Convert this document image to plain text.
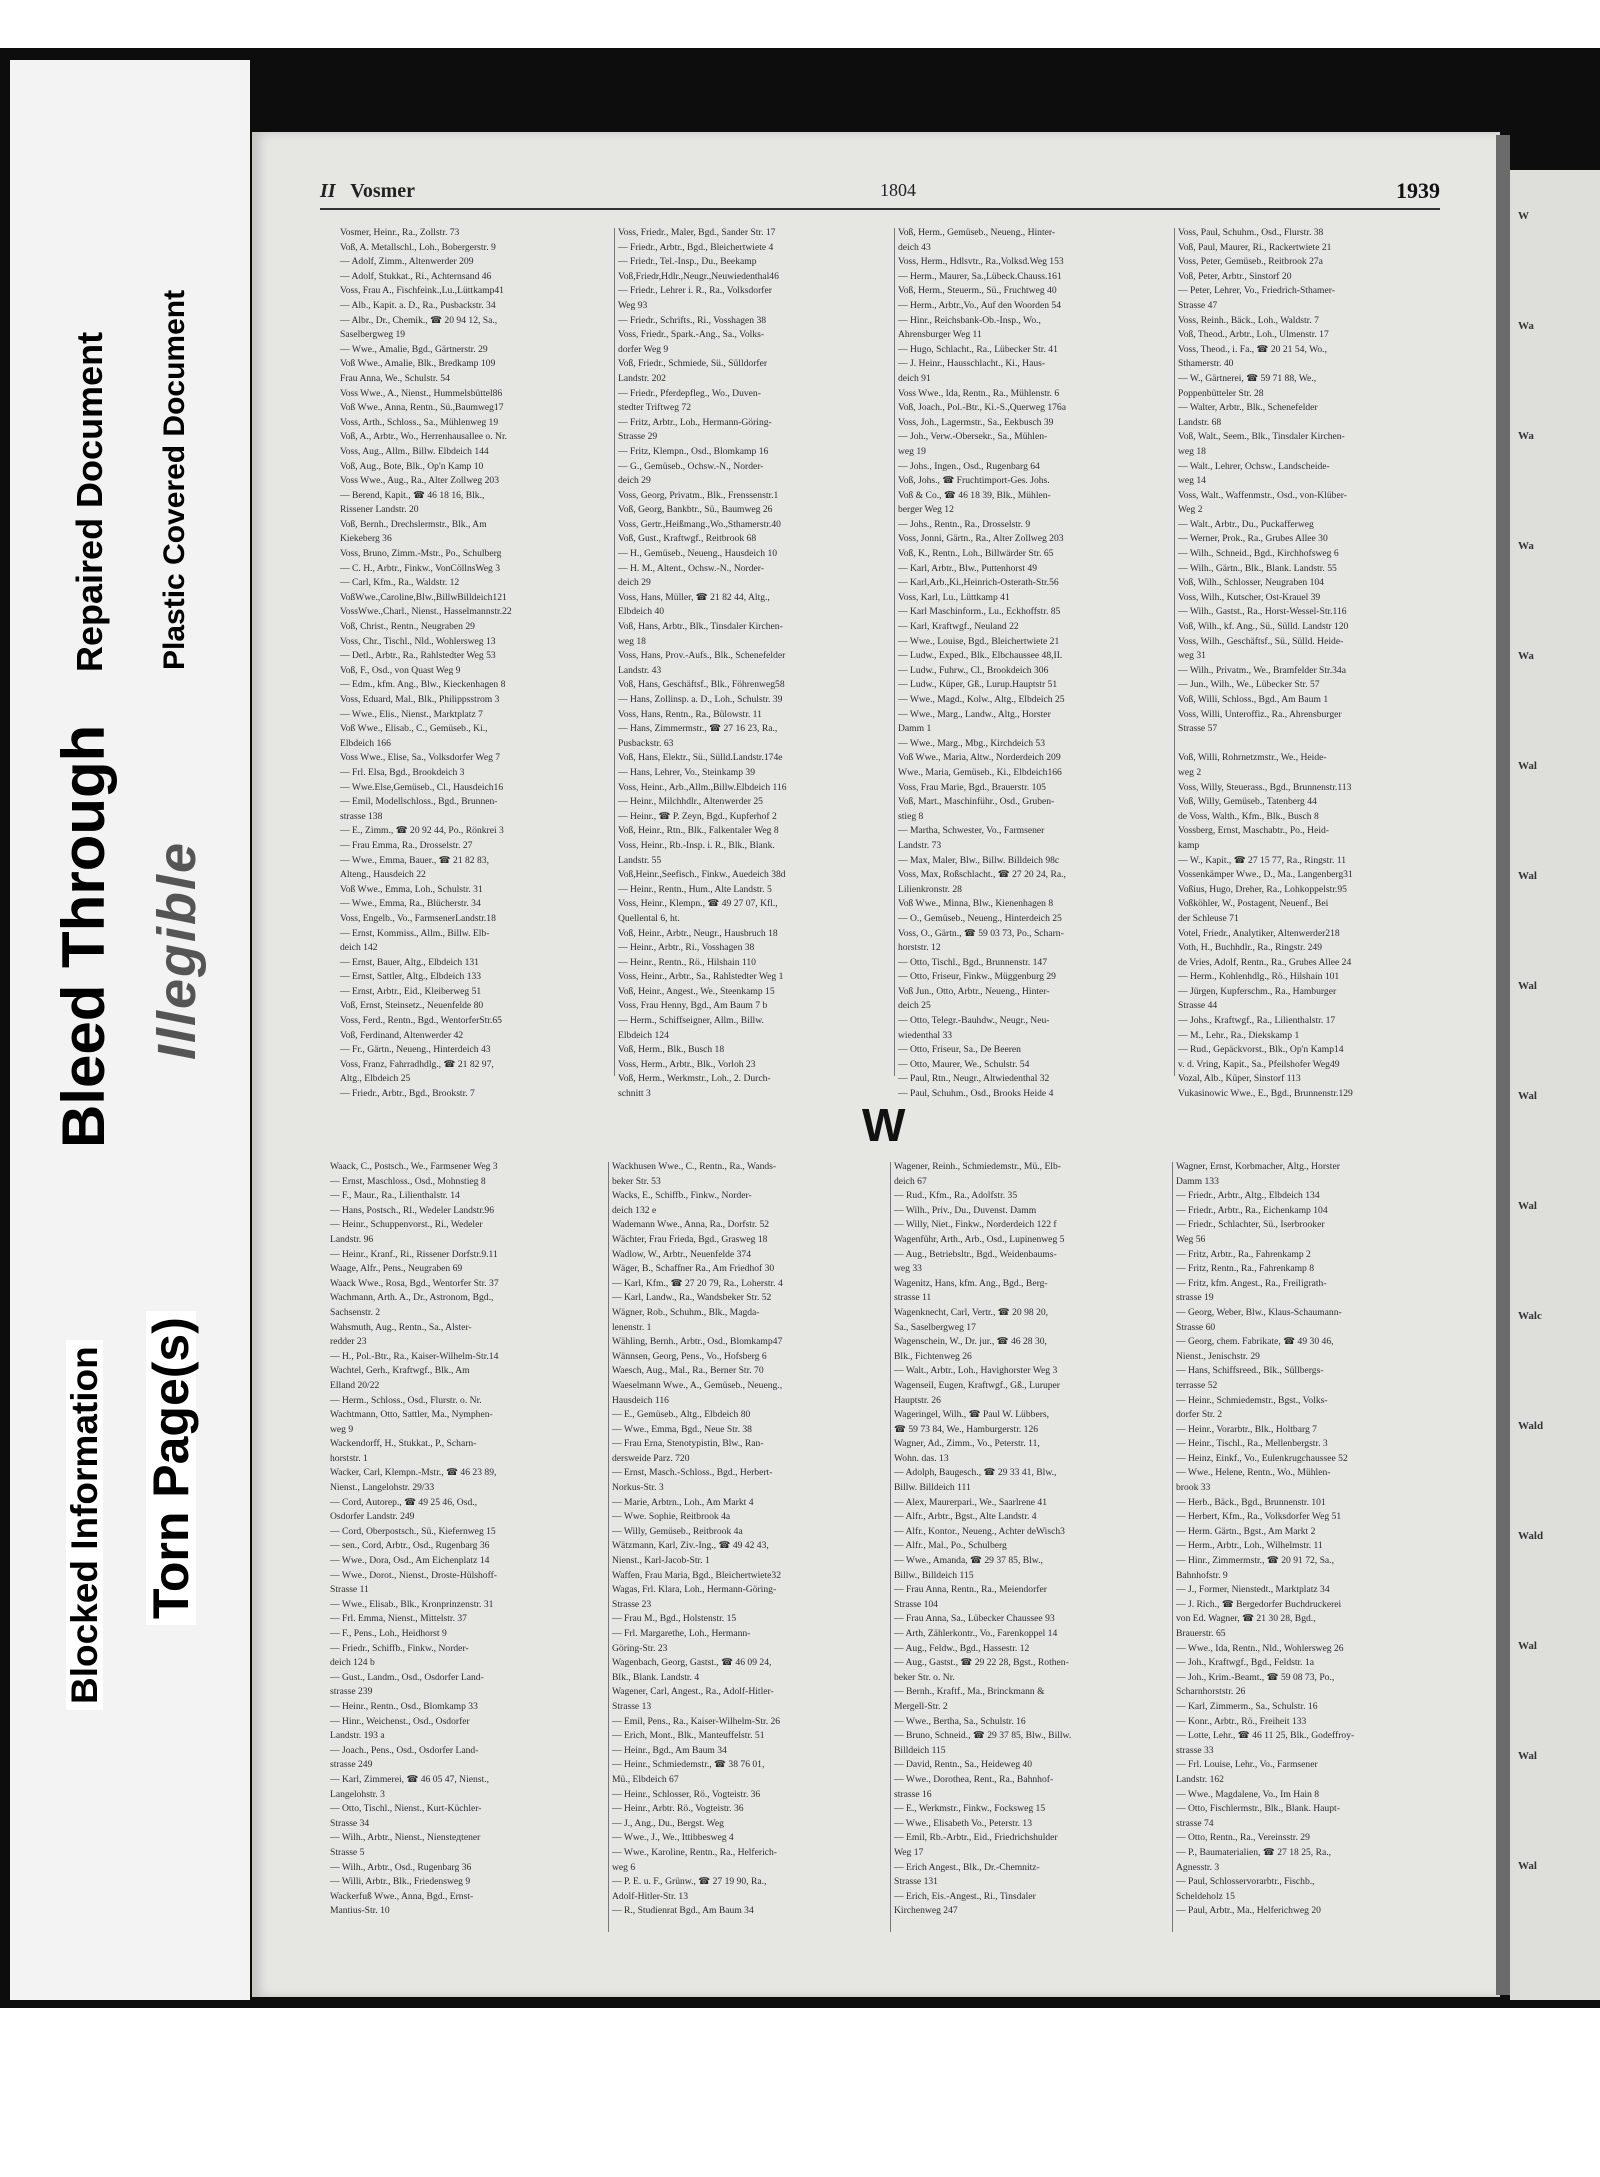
Repaired Document Plastic Covered Document
Bleed Through Illegible
Blocked Information Torn Page(s)
W
Wa
Wa
Wa
Wa
Wal
Wal
Wal
Wal
Wal
Walc
Wald
Wald
Wal
Wal
Wal
II Vosmer	1804	1939
Vosmer, Heinr., Ra., Zollstr. 73
Voß, A. Metallschl., Loh., Bobergerstr. 9
— Adolf, Zimm., Altenwerder 209
— Adolf, Stukkat., Ri., Achternsand 46
Voss, Frau A., Fischfeink.,Lu.,Lüttkamp41
— Alb., Kapit. a. D., Ra., Pusbackstr. 34
— Albr., Dr., Chemik., ☎ 20 94 12, Sa.,
Saselbergweg 19
— Wwe., Amalie, Bgd., Gärtnerstr. 29
Voß Wwe., Amalie, Blk., Bredkamp 109
Frau Anna, We., Schulstr. 54
Voss Wwe., A., Nienst., Hummelsbüttel86
Voß Wwe., Anna, Rentn., Sü.,Baumweg17
Voss, Arth., Schloss., Sa., Mühlenweg 19
Voß, A., Arbtr., Wo., Herrenhausallee o. Nr.
Voss, Aug., Allm., Billw. Elbdeich 144
Voß, Aug., Bote, Blk., Op'n Kamp 10
Voss Wwe., Aug., Ra., Alter Zollweg 203
— Berend, Kapit., ☎ 46 18 16, Blk.,
Rissener Landstr. 20
Voß, Bernh., Drechslermstr., Blk., Am
Kiekeberg 36
Voss, Bruno, Zimm.-Mstr., Po., Schulberg
— C. H., Arbtr., Finkw., VonCöllnsWeg 3
— Carl, Kfm., Ra., Waldstr. 12
VoßWwe.,Caroline,Blw.,BillwBilldeich121
VossWwe.,Charl., Nienst., Hasselmannstr.22
Voß, Christ., Rentn., Neugraben 29
Voss, Chr., Tischl., Nld., Wohlersweg 13
— Detl., Arbtr., Ra., Rahlstedter Weg 53
Voß, F., Osd., von Quast Weg 9
— Edm., kfm. Ang., Blw., Kieckenhagen 8
Voss, Eduard, Mal., Blk., Philippsstrom 3
— Wwe., Elis., Nienst., Marktplatz 7
Voß Wwe., Elisab., C., Gemüseb., Ki.,
Elbdeich 166
Voss Wwe., Elise, Sa., Volksdorfer Weg 7
— Frl. Elsa, Bgd., Brookdeich 3
— Wwe.Else,Gemüseb., Cl., Hausdeich16
— Emil, Modellschloss., Bgd., Brunnen-
strasse 138
— E., Zimm., ☎ 20 92 44, Po., Rönkrei 3
— Frau Emma, Ra., Drosselstr. 27
— Wwe., Emma, Bauer., ☎ 21 82 83,
Alteng., Hausdeich 22
Voß Wwe., Emma, Loh., Schulstr. 31
— Wwe., Emma, Ra., Blücherstr. 34
Voss, Engelb., Vo., FarmsenerLandstr.18
— Ernst, Kommiss., Allm., Billw. Elb-
deich 142
— Ernst, Bauer, Altg., Elbdeich 131
— Ernst, Sattler, Altg., Elbdeich 133
— Ernst, Arbtr., Eid., Kleiberweg 51
Voß, Ernst, Steinsetz., Neuenfelde 80
Voss, Ferd., Rentn., Bgd., WentorferStr.65
Voß, Ferdinand, Altenwerder 42
— Fr., Gärtn., Neueng., Hinterdeich 43
Voss, Franz, Fahrradhdlg., ☎ 21 82 97,
Altg., Elbdeich 25
— Friedr., Arbtr., Bgd., Brookstr. 7
Voss, Friedr., Maler, Bgd., Sander Str. 17
— Friedr., Arbtr., Bgd., Bleichertwiete 4
— Friedr., Tel.-Insp., Du., Beekamp
Voß,Friedr,Hdlr.,Neugr.,Neuwiedenthal46
— Friedr., Lehrer i. R., Ra., Volksdorfer
Weg 93
— Friedr., Schrifts., Ri., Vosshagen 38
Voss, Friedr., Spark.-Ang., Sa., Volks-
dorfer Weg 9
Voß, Friedr., Schmiede, Sü., Sülldorfer
Landstr. 202
— Friedr., Pferdepfleg., Wo., Duven-
stedter Triftweg 72
— Fritz, Arbtr., Loh., Hermann-Göring-
Strasse 29
— Fritz, Klempn., Osd., Blomkamp 16
— G., Gemüseb., Ochsw.-N., Norder-
deich 29
Voss, Georg, Privatm., Blk., Frenssenstr.1
Voß, Georg, Bankbtr., Sü., Baumweg 26
Voss, Gertr.,Heißmang.,Wo.,Sthamerstr.40
Voß, Gust., Kraftwgf., Reitbrook 68
— H., Gemüseb., Neueng., Hausdeich 10
— H. M., Altent., Ochsw.-N., Norder-
deich 29
Voss, Hans, Müller, ☎ 21 82 44, Altg.,
Elbdeich 40
Voß, Hans, Arbtr., Blk., Tinsdaler Kirchen-
weg 18
Voss, Hans, Prov.-Aufs., Blk., Schenefelder
Landstr. 43
Voß, Hans, Geschäftsf., Blk., Föhrenweg58
— Hans, Zollinsp. a. D., Loh., Schulstr. 39
Voss, Hans, Rentn., Ra., Bülowstr. 11
— Hans, Zimmermstr., ☎ 27 16 23, Ra.,
Pusbackstr. 63
Voß, Hans, Elektr., Sü., Sülld.Landstr.174e
— Hans, Lehrer, Vo., Steinkamp 39
Voss, Heinr., Arb.,Allm.,Billw.Elbdeich 116
— Heinr., Milchhdlr., Altenwerder 25
— Heinr., ☎ P. Zeyn, Bgd., Kupferhof 2
Voß, Heinr., Rtn., Blk., Falkentaler Weg 8
Voss, Heinr., Rb.-Insp. i. R., Blk., Blank.
Landstr. 55
Voß,Heinr.,Seefisch., Finkw., Auedeich 38d
— Heinr., Rentn., Hum., Alte Landstr. 5
Voss, Heinr., Klempn., ☎ 49 27 07, Kfl.,
Quellental 6, ht.
Voß, Heinr., Arbtr., Neugr., Hausbruch 18
— Heinr., Arbtr., Ri., Vosshagen 38
— Heinr., Rentn., Rö., Hilshain 110
Voss, Heinr., Arbtr., Sa., Rahlstedter Weg 1
Voß, Heinr., Angest., We., Steenkamp 15
Voss, Frau Henny, Bgd., Am Baum 7 b
— Herm., Schiffseigner, Allm., Billw.
Elbdeich 124
Voß, Herm., Blk., Busch 18
Voss, Herm., Arbtr., Blk., Vorloh 23
Voß, Herm., Werkmstr., Loh., 2. Durch-
schnitt 3
Voß, Herm., Gemüseb., Neueng., Hinter-
deich 43
Voss, Herm., Hdlsvtr., Ra.,Volksd.Weg 153
— Herm., Maurer, Sa.,Lübeck.Chauss.161
Voß, Herm., Steuerm., Sü., Fruchtweg 40
— Herm., Arbtr.,Vo., Auf den Woorden 54
— Hinr., Reichsbank-Ob.-Insp., Wo.,
Ahrensburger Weg 11
— Hugo, Schlacht., Ra., Lübecker Str. 41
— J. Heinr., Hausschlacht., Ki., Haus-
deich 91
Voss Wwe., Ida, Rentn., Ra., Mühlenstr. 6
Voß, Joach., Pol.-Btr., Ki.-S.,Querweg 176a
Voss, Joh., Lagermstr., Sa., Eekbusch 39
— Joh., Verw.-Obersekr., Sa., Mühlen-
weg 19
— Johs., Ingen., Osd., Rugenbarg 64
Voß, Johs., ☎ Fruchtimport-Ges. Johs.
Voß & Co., ☎ 46 18 39, Blk., Mühlen-
berger Weg 12
— Johs., Rentn., Ra., Drosselstr. 9
Voss, Jonni, Gärtn., Ra., Alter Zollweg 203
Voß, K., Rentn., Loh., Billwärder Str. 65
— Karl, Arbtr., Blw., Puttenhorst 49
— Karl,Arb.,Ki.,Heinrich-Osterath-Str.56
Voss, Karl, Lu., Lüttkamp 41
— Karl Maschinform., Lu., Eckhoffstr. 85
— Karl, Kraftwgf., Neuland 22
— Wwe., Louise, Bgd., Bleichertwiete 21
— Ludw., Exped., Blk., Elbchaussee 48,II.
— Ludw., Fuhrw., Cl., Brookdeich 306
— Ludw., Küper, Gß., Lurup.Hauptstr 51
— Wwe., Magd., Kolw., Altg., Elbdeich 25
— Wwe., Marg., Landw., Altg., Horster
Damm 1
— Wwe., Marg., Mbg., Kirchdeich 53
Voß Wwe., Maria, Altw., Norderdeich 209
Wwe., Maria, Gemüseb., Ki., Elbdeich166
Voss, Frau Marie, Bgd., Brauerstr. 105
Voß, Mart., Maschinführ., Osd., Gruben-
stieg 8
— Martha, Schwester, Vo., Farmsener
Landstr. 73
— Max, Maler, Blw., Billw. Billdeich 98c
Voss, Max, Roßschlacht., ☎ 27 20 24, Ra.,
Lilienkronstr. 28
Voß Wwe., Minna, Blw., Kienenhagen 8
— O., Gemüseb., Neueng., Hinterdeich 25
Voss, O., Gärtn., ☎ 59 03 73, Po., Scharn-
horststr. 12
— Otto, Tischl., Bgd., Brunnenstr. 147
— Otto, Friseur, Finkw., Müggenburg 29
Voß Jun., Otto, Arbtr., Neueng., Hinter-
deich 25
— Otto, Telegr.-Bauhdw., Neugr., Neu-
wiedenthal 33
— Otto, Friseur, Sa., De Beeren
— Otto, Maurer, We., Schulstr. 54
— Paul, Rtn., Neugr., Altwiedenthal 32
— Paul, Schuhm., Osd., Brooks Heide 4
Voss, Paul, Schuhm., Osd., Flurstr. 38
Voß, Paul, Maurer, Ri., Rackertwiete 21
Voss, Peter, Gemüseb., Reitbrook 27a
Voß, Peter, Arbtr., Sinstorf 20
— Peter, Lehrer, Vo., Friedrich-Sthamer-
Strasse 47
Voss, Reinh., Bäck., Loh., Waldstr. 7
Voß, Theod., Arbtr., Loh., Ulmenstr. 17
Voss, Theod., i. Fa., ☎ 20 21 54, Wo.,
Sthamerstr. 40
— W., Gärtnerei, ☎ 59 71 88, We.,
Poppenbütteler Str. 28
— Walter, Arbtr., Blk., Schenefelder
Landstr. 68
Voß, Walt., Seem., Blk., Tinsdaler Kirchen-
weg 18
— Walt., Lehrer, Ochsw., Landscheide-
weg 14
Voss, Walt., Waffenmstr., Osd., von-Klüber-
Weg 2
— Walt., Arbtr., Du., Puckafferweg
— Werner, Prok., Ra., Grubes Allee 30
— Wilh., Schneid., Bgd., Kirchhofsweg 6
— Wilh., Gärtn., Blk., Blank. Landstr. 55
Voß, Wilh., Schlosser, Neugraben 104
Voss, Wilh., Kutscher, Ost-Krauel 39
— Wilh., Gastst., Ra., Horst-Wessel-Str.116
Voß, Wilh., kf. Ang., Sü., Sülld. Landstr 120
Voss, Wilh., Geschäftsf., Sü., Sülld. Heide-
weg 31
— Wilh., Privatm., We., Bramfelder Str.34a
— Jun., Wilh., We., Lübecker Str. 57
Voß, Willi, Schloss., Bgd., Am Baum 1
Voss, Willi, Unteroffiz., Ra., Ahrensburger
Strasse 57

Voß, Willi, Rohrnetzmstr., We., Heide-
weg 2
Voss, Willy, Steuerass., Bgd., Brunnenstr.113
Voß, Willy, Gemüseb., Tatenberg 44
de Voss, Walth., Kfm., Blk., Busch 8
Vossberg, Ernst, Maschabtr., Po., Heid-
kamp
— W., Kapit., ☎ 27 15 77, Ra., Ringstr. 11
Vossenkämper Wwe., D., Ma., Langenberg31
Voßius, Hugo, Dreher, Ra., Lohkoppelstr.95
Voßköhler, W., Postagent, Neuenf., Bei
der Schleuse 71
Votel, Friedr., Analytiker, Altenwerder218
Voth, H., Buchhdlr., Ra., Ringstr. 249
de Vries, Adolf, Rentn., Ra., Grubes Allee 24
— Herm., Kohlenhdlg., Rö., Hilshain 101
— Jürgen, Kupferschm., Ra., Hamburger
Strasse 44
— Johs., Kraftwgf., Ra., Lilienthalstr. 17
— M., Lehr., Ra., Diekskamp 1
— Rud., Gepäckvorst., Blk., Op'n Kamp14
v. d. Vring, Kapit., Sa., Pfeilshofer Weg49
Vozal, Alb., Küper, Sinstorf 113
Vukasinowic Wwe., E., Bgd., Brunnenstr.129
W
Waack, C., Postsch., We., Farmsener Weg 3
— Ernst, Maschloss., Osd., Mohnstieg 8
— F., Maur., Ra., Lilienthalstr. 14
— Hans, Postsch., Rl., Wedeler Landstr.96
— Heinr., Schuppenvorst., Ri., Wedeler
Landstr. 96
— Heinr., Kranf., Ri., Rissener Dorfstr.9.11
Waage, Alfr., Pens., Neugraben 69
Waack Wwe., Rosa, Bgd., Wentorfer Str. 37
Wachmann, Arth. A., Dr., Astronom, Bgd.,
Sachsenstr. 2
Wahsmuth, Aug., Rentn., Sa., Alster-
redder 23
— H., Pol.-Btr., Ra., Kaiser-Wilhelm-Str.14
Wachtel, Gerh., Kraftwgf., Blk., Am
Elland 20/22
— Herm., Schloss., Osd., Flurstr. o. Nr.
Wachtmann, Otto, Sattler, Ma., Nymphen-
weg 9
Wackendorff, H., Stukkat., P., Scharn-
horststr. 1
Wacker, Carl, Klempn.-Mstr., ☎ 46 23 89,
Nienst., Langelohstr. 29/33
— Cord, Autorep., ☎ 49 25 46, Osd.,
Osdorfer Landstr. 249
— Cord, Oberpostsch., Sü., Kiefernweg 15
— sen., Cord, Arbtr., Osd., Rugenbarg 36
— Wwe., Dora, Osd., Am Eichenplatz 14
— Wwe., Dorot., Nienst., Droste-Hülshoff-
Strasse 11
— Wwe., Elisab., Blk., Kronprinzenstr. 31
— Frl. Emma, Nienst., Mittelstr. 37
— F., Pens., Loh., Heidhorst 9
— Friedr., Schiffb., Finkw., Norder-
deich 124 b
— Gust., Landm., Osd., Osdorfer Land-
strasse 239
— Heinr., Rentn., Osd., Blomkamp 33
— Hinr., Weichenst., Osd., Osdorfer
Landstr. 193 a
— Joach., Pens., Osd., Osdorfer Land-
strasse 249
— Karl, Zimmerei, ☎ 46 05 47, Nienst.,
Langelohstr. 3
— Otto, Tischl., Nienst., Kurt-Küchler-
Strasse 34
— Wilh., Arbtr., Nienst., Niensteдtener
Strasse 5
— Wilh., Arbtr., Osd., Rugenbarg 36
— Willi, Arbtr., Blk., Friedensweg 9
Wackerfuß Wwe., Anna, Bgd., Ernst-
Mantius-Str. 10
Wackhusen Wwe., C., Rentn., Ra., Wands-
beker Str. 53
Wacks, E., Schiffb., Finkw., Norder-
deich 132 e
Wademann Wwe., Anna, Ra., Dorfstr. 52
Wächter, Frau Frieda, Bgd., Grasweg 18
Wadlow, W., Arbtr., Neuenfelde 374
Wäger, B., Schaffner Ra., Am Friedhof 30
— Karl, Kfm., ☎ 27 20 79, Ra., Loherstr. 4
— Karl, Landw., Ra., Wandsbeker Str. 52
Wägner, Rob., Schuhm., Blk., Magda-
lenenstr. 1
Wähling, Bernh., Arbtr., Osd., Blomkamp47
Wännsen, Georg, Pens., Vo., Hofsberg 6
Waesch, Aug., Mal., Ra., Berner Str. 70
Waeselmann Wwe., A., Gemüseb., Neueng.,
Hausdeich 116
— E., Gemüseb., Altg., Elbdeich 80
— Wwe., Emma, Bgd., Neue Str. 38
— Frau Erna, Stenotypistin, Blw., Ran-
dersweide Parz. 720
— Ernst, Masch.-Schloss., Bgd., Herbert-
Norkus-Str. 3
— Marie, Arbtrn., Loh., Am Markt 4
— Wwe. Sophie, Reitbrook 4a
— Willy, Gemüseb., Reitbrook 4a
Wätzmann, Karl, Ziv.-Ing., ☎ 49 42 43,
Nienst., Karl-Jacob-Str. 1
Waffen, Frau Maria, Bgd., Bleichertwiete32
Wagas, Frl. Klara, Loh., Hermann-Göring-
Strasse 23
— Frau M., Bgd., Holstenstr. 15
— Frl. Margarethe, Loh., Hermann-
Göring-Str. 23
Wagenbach, Georg, Gastst., ☎ 46 09 24,
Blk., Blank. Landstr. 4
Wagener, Carl, Angest., Ra., Adolf-Hitler-
Strasse 13
— Emil, Pens., Ra., Kaiser-Wilhelm-Str. 26
— Erich, Mont., Blk., Manteuffelstr. 51
— Heinr., Bgd., Am Baum 34
— Heinr., Schmiedemstr., ☎ 38 76 01,
Mü., Elbdeich 67
— Heinr., Schlosser, Rö., Vogteistr. 36
— Heinr., Arbtr. Rö., Vogteistr. 36
— J., Ang., Du., Bergst. Weg
— Wwe., J., We., Ittibbesweg 4
— Wwe., Karoline, Rentn., Ra., Helferich-
weg 6
— P. E. u. F., Grünw., ☎ 27 19 90, Ra.,
Adolf-Hitler-Str. 13
— R., Studienrat Bgd., Am Baum 34
Wagener, Reinh., Schmiedemstr., Mü., Elb-
deich 67
— Rud., Kfm., Ra., Adolfstr. 35
— Wilh., Priv., Du., Duvenst. Damm
— Willy, Niet., Finkw., Norderdeich 122 f
Wagenführ, Arth., Arb., Osd., Lupinenweg 5
— Aug., Betriebsltr., Bgd., Weidenbaums-
weg 33
Wagenitz, Hans, kfm. Ang., Bgd., Berg-
strasse 11
Wagenknecht, Carl, Vertr., ☎ 20 98 20,
Sa., Saselbergweg 17
Wagenschein, W., Dr. jur., ☎ 46 28 30,
Blk., Fichtenweg 26
— Walt., Arbtr., Loh., Havighorster Weg 3
Wagenseil, Eugen, Kraftwgf., Gß., Luruper
Hauptstr. 26
Wageringel, Wilh., ☎ Paul W. Lübbers,
☎ 59 73 84, We., Hamburgerstr. 126
Wagner, Ad., Zimm., Vo., Peterstr. 11,
Wohn. das. 13
— Adolph, Baugesch., ☎ 29 33 41, Blw.,
Billw. Billdeich 111
— Alex, Maurerpari., We., Saarlrene 41
— Alfr., Arbtr., Bgst., Alte Landstr. 4
— Alfr., Kontor., Neueng., Achter deWisch3
— Alfr., Mal., Po., Schulberg
— Wwe., Amanda, ☎ 29 37 85, Blw.,
Billw., Billdeich 115
— Frau Anna, Rentn., Ra., Meiendorfer
Strasse 104
— Frau Anna, Sa., Lübecker Chaussee 93
— Arth, Zählerkontr., Vo., Farenkoppel 14
— Aug., Feldw., Bgd., Hassestr. 12
— Aug., Gastst., ☎ 29 22 28, Bgst., Rothen-
beker Str. o. Nr.
— Bernh., Kraftf., Ma., Brinckmann &
Mergell-Str. 2
— Wwe., Bertha, Sa., Schulstr. 16
— Bruno, Schneid., ☎ 29 37 85, Blw., Billw.
Billdeich 115
— David, Rentn., Sa., Heideweg 40
— Wwe., Dorothea, Rent., Ra., Bahnhof-
strasse 16
— E., Werkmstr., Finkw., Focksweg 15
— Wwe., Elisabeth Vo., Peterstr. 13
— Emil, Rb.-Arbtr., Eid., Friedrichshulder
Weg 17
— Erich Angest., Blk., Dr.-Chemnitz-
Strasse 131
— Erich, Eis.-Angest., Ri., Tinsdaler
Kirchenweg 247
Wagner, Ernst, Korbmacher, Altg., Horster
Damm 133
— Friedr., Arbtr., Altg., Elbdeich 134
— Friedr., Arbtr., Ra., Eichenkamp 104
— Friedr., Schlachter, Sü., Iserbrooker
Weg 56
— Fritz, Arbtr., Ra., Fahrenkamp 2
— Fritz, Rentn., Ra., Fahrenkamp 8
— Fritz, kfm. Angest., Ra., Freiligrath-
strasse 19
— Georg, Weber, Blw., Klaus-Schaumann-
Strasse 60
— Georg, chem. Fabrikate, ☎ 49 30 46,
Nienst., Jenischstr. 29
— Hans, Schiffsreed., Blk., Süllbergs-
terrasse 52
— Heinr., Schmiedemstr., Bgst., Volks-
dorfer Str. 2
— Heinr., Vorarbtr., Blk., Holtbarg 7
— Heinr., Tischl., Ra., Mellenbergstr. 3
— Heinz, Einkf., Vo., Eulenkrugchaussee 52
— Wwe., Helene, Rentn., Wo., Mühlen-
brook 33
— Herb., Bäck., Bgd., Brunnenstr. 101
— Herbert, Kfm., Ra., Volksdorfer Weg 51
— Herm. Gärtn., Bgst., Am Markt 2
— Herm., Arbtr., Loh., Wilhelmstr. 11
— Hinr., Zimmermstr., ☎ 20 91 72, Sa.,
Bahnhofstr. 9
— J., Former, Nienstedt., Marktplatz 34
— J. Rich., ☎ Bergedorfer Buchdruckerei
von Ed. Wagner, ☎ 21 30 28, Bgd.,
Brauerstr. 65
— Wwe., Ida, Rentn., Nld., Wohlersweg 26
— Joh., Kraftwgf., Bgd., Feldstr. 1a
— Joh., Krim.-Beamt., ☎ 59 08 73, Po.,
Scharnhorststr. 26
— Karl, Zimmerm., Sa., Schulstr. 16
— Konr., Arbtr., Rö., Freiheit 133
— Lotte, Lehr., ☎ 46 11 25, Blk., Godeffroy-
strasse 33
— Frl. Louise, Lehr., Vo., Farmsener
Landstr. 162
— Wwe., Magdalene, Vo., Im Hain 8
— Otto, Fischlermstr., Blk., Blank. Haupt-
strasse 74
— Otto, Rentn., Ra., Vereinsstr. 29
— P., Baumaterialien, ☎ 27 18 25, Ra.,
Agnesstr. 3
— Paul, Schlosservorarbtr., Fischb.,
Scheldeholz 15
— Paul, Arbtr., Ma., Helferichweg 20
